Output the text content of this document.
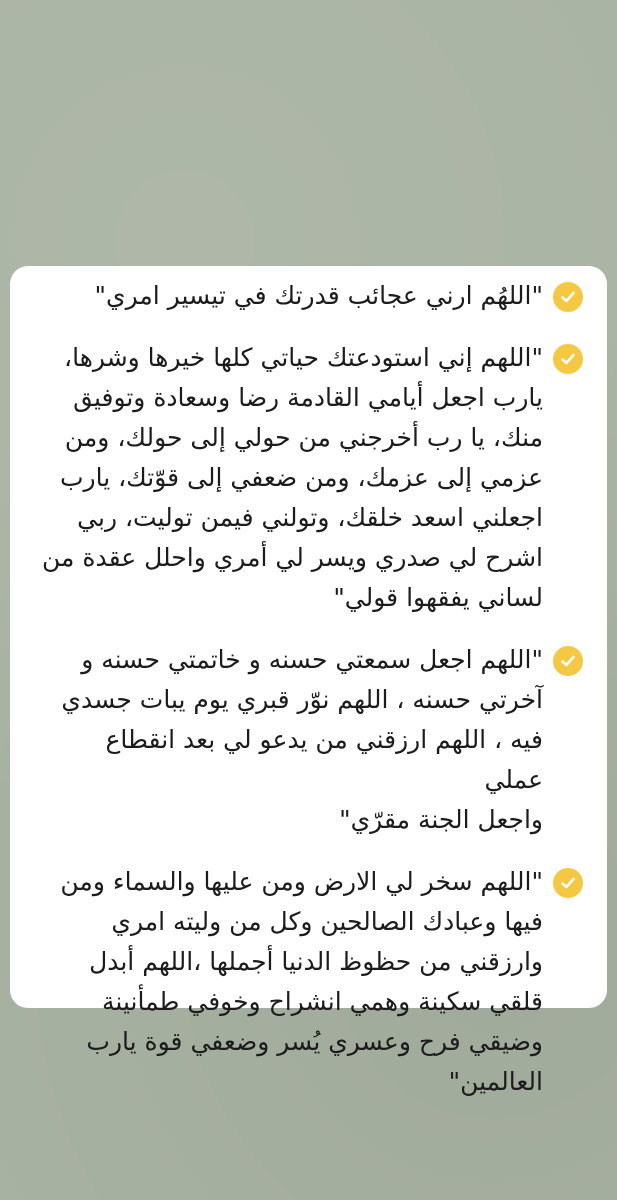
"اللهُم ارني عجائب قدرتك في تيسير امري"
"اللهم إني استودعتك حياتي كلها خيرها وشرها،
يارب اجعل أيامي القادمة رضا وسعادة وتوفيق
منك، يا رب أخرجني من حولي إلى حولك، ومن
عزمي إلى عزمك، ومن ضعفي إلى قوّتك، يارب
اجعلني اسعد خلقك، وتولني فيمن توليت، ربي
اشرح لي صدري ويسر لي أمري واحلل عقدة من
لساني يفقهوا قولي"
"اللهم اجعل سمعتي حسنه و خاتمتي حسنه و
آخرتي حسنه ، اللهم نوّر قبري يوم يبات جسدي
فيه ، اللهم ارزقني من يدعو لي بعد انقطاع عملي
واجعل الجنة مقرّي"
"اللهم سخر لي الارض ومن عليها والسماء ومن
فيها وعبادك الصالحين وكل من وليته امري
وارزقني من حظوظ الدنيا أجملها ،اللهم أبدل
قلقي سكينة وهمي انشراح وخوفي طمأنينة
وضيقي فرح وعسري يُسر وضعفي قوة يارب
العالمين"
